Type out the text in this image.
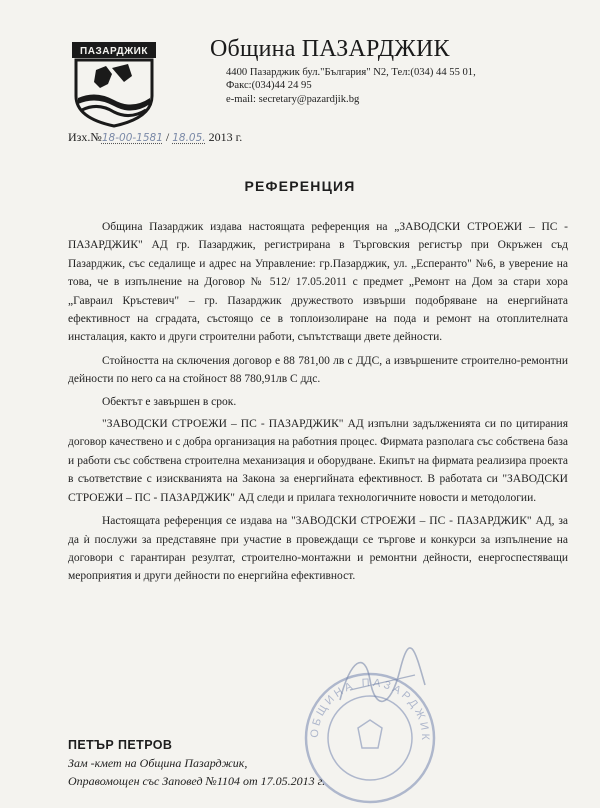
ПАЗАРДЖИК	Община ПАЗАРДЖИК
4400 Пазарджик бул."България" N2, Тел:(034) 44 55 01,
Факс:(034)44 24 95
e-mail: secretary@pazardjik.bg
Изх.№18-00-1581 / 18.05. 2013 г.
РЕФЕРЕНЦИЯ

Община Пазарджик издава настоящата референция на „ЗАВОДСКИ СТРОЕЖИ – ПС - ПАЗАРДЖИК" АД гр. Пазарджик, регистрирана в Търговския регистър при Окръжен съд Пазарджик, със седалище и адрес на Управление: гр.Пазарджик, ул. „Есперанто" №6, в уверение на това, че в изпълнение на Договор № 512/ 17.05.2011 с предмет „Ремонт на Дом за стари хора „Гавраил Кръстевич" – гр. Пазарджик дружеството извърши подобряване на енергийната ефективност на сградата, състоящо се в топлоизолиране на пода и ремонт на отоплителната инсталация, както и други строителни работи, съпътстващи двете дейности.

Стойността на сключения договор е 88 781,00 лв с ДДС, а извършените строително-ремонтни дейности по него са на стойност 88 780,91лв С ддс.

Обектът е завършен в срок.

"ЗАВОДСКИ СТРОЕЖИ – ПС - ПАЗАРДЖИК" АД изпълни задълженията си по цитирания договор качествено и с добра организация на работния процес. Фирмата разполага със собствена база и работи със собствена строителна механизация и оборудване. Екипът на фирмата реализира проекта в съответствие с изискванията на Закона за енергийната ефективност. В работата си "ЗАВОДСКИ СТРОЕЖИ – ПС - ПАЗАРДЖИК" АД следи и прилага технологичните новости и методологии.

Настоящата референция се издава на "ЗАВОДСКИ СТРОЕЖИ – ПС - ПАЗАРДЖИК" АД, за да ѝ послужи за представяне при участие в провеждащи се търгове и конкурси за изпълнение на договори с гарантиран резултат, строително-монтажни и ремонтни дейности, енергоспестяващи мероприятия и други дейности по енергийна ефективност.

ОБЩИНА ПАЗАРДЖИК
ПЕТЪР ПЕТРОВ
Зам -кмет на Община Пазарджик,
Оправомощен със Заповед №1104 от 17.05.2013 г.
